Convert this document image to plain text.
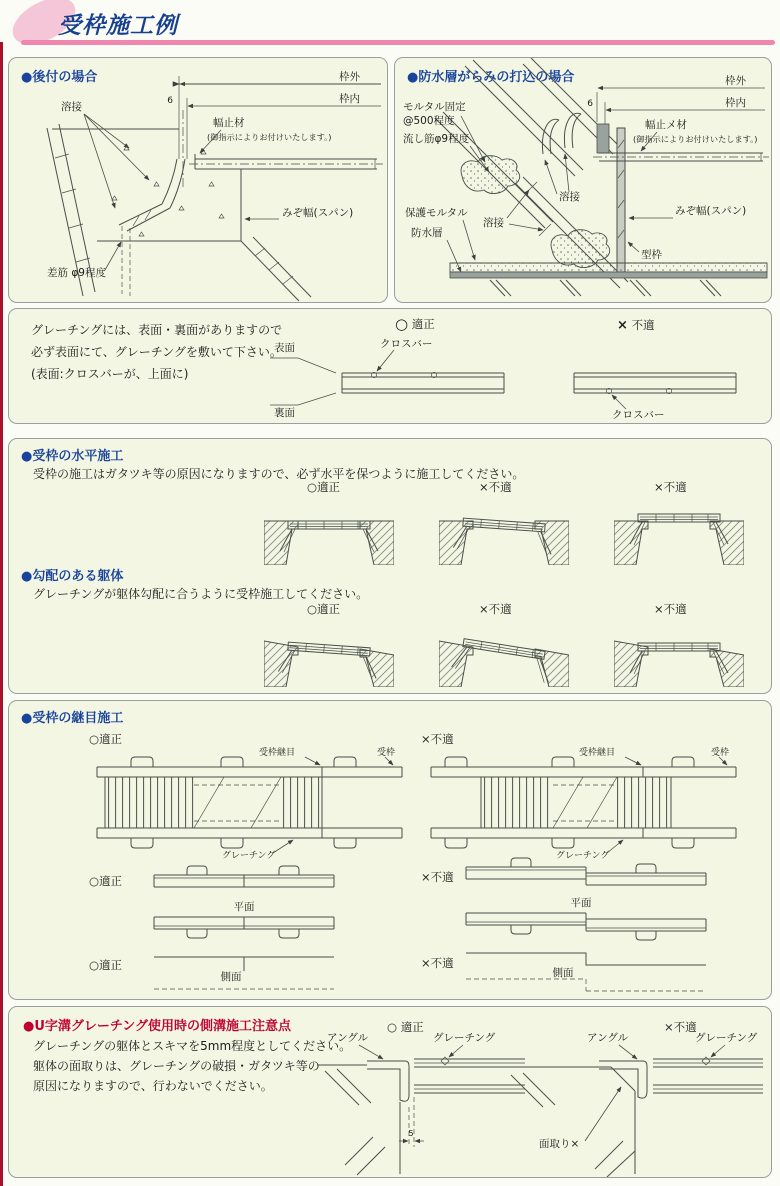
受枠施工例
●後付の場合	枠外
枠内
6
溶接
幅止材
(御指示によりお付けいたします。)
みぞ幅(スパン)
差筋 φ9程度
●防水層がらみの打込の場合	枠外
枠内
6
幅止メ材
(御指示によりお付けいたします。)
モルタル固定
@500程度
流し筋φ9程度
保護モルタル
防水層
溶接
溶接
みぞ幅(スパン)
型枠
グレーチングには、表面・裏面がありますので
必ず表面にて、グレーチングを敷いて下さい。
(表面:クロスバーが、上面に)
○ 適正	× 不適
表面
裏面
クロスバー
クロスバー
●受枠の水平施工
受枠の施工はガタツキ等の原因になりますので、必ず水平を保つように施工してください。
○適正	×不適	×不適
●勾配のある躯体
グレーチングが躯体勾配に合うように受枠施工してください。
○適正	×不適	×不適
●受枠の継目施工
○適正
受枠継目	受枠
グレーチング
×不適
受枠継目	受枠
グレーチング
○適正
平面
×不適
平面
○適正
側面
×不適
側面
●U字溝グレーチング使用時の側溝施工注意点
グレーチングの躯体とスキマを5mm程度としてください。
躯体の面取りは、グレーチングの破損・ガタツキ等の
原因になりますので、行わないでください。
○ 適正	×不適
5
アングル	グレーチング
面取り×
アングル	グレーチング
